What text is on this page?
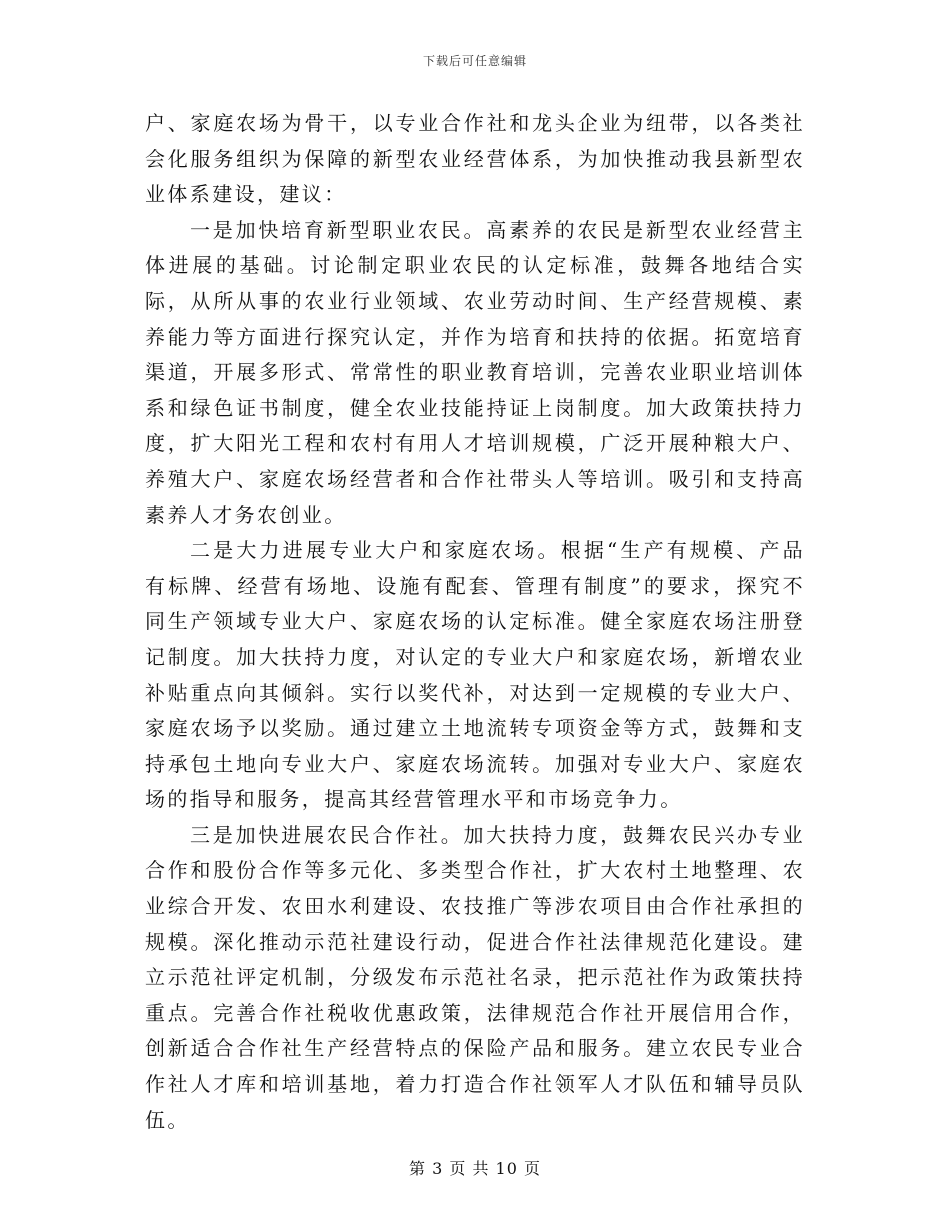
下载后可任意编辑

户、家庭农场为骨干，以专业合作社和龙头企业为纽带，以各类社会化服务组织为保障的新型农业经营体系，为加快推动我县新型农业体系建设，建议：

一是加快培育新型职业农民。高素养的农民是新型农业经营主体进展的基础。讨论制定职业农民的认定标准，鼓舞各地结合实际，从所从事的农业行业领域、农业劳动时间、生产经营规模、素养能力等方面进行探究认定，并作为培育和扶持的依据。拓宽培育渠道，开展多形式、常常性的职业教育培训，完善农业职业培训体系和绿色证书制度，健全农业技能持证上岗制度。加大政策扶持力度，扩大阳光工程和农村有用人才培训规模，广泛开展种粮大户、养殖大户、家庭农场经营者和合作社带头人等培训。吸引和支持高素养人才务农创业。

二是大力进展专业大户和家庭农场。根据“生产有规模、产品有标牌、经营有场地、设施有配套、管理有制度”的要求，探究不同生产领域专业大户、家庭农场的认定标准。健全家庭农场注册登记制度。加大扶持力度，对认定的专业大户和家庭农场，新增农业补贴重点向其倾斜。实行以奖代补，对达到一定规模的专业大户、家庭农场予以奖励。通过建立土地流转专项资金等方式，鼓舞和支持承包土地向专业大户、家庭农场流转。加强对专业大户、家庭农场的指导和服务，提高其经营管理水平和市场竞争力。

三是加快进展农民合作社。加大扶持力度，鼓舞农民兴办专业合作和股份合作等多元化、多类型合作社，扩大农村土地整理、农业综合开发、农田水利建设、农技推广等涉农项目由合作社承担的规模。深化推动示范社建设行动，促进合作社法律规范化建设。建立示范社评定机制，分级发布示范社名录，把示范社作为政策扶持重点。完善合作社税收优惠政策，法律规范合作社开展信用合作，创新适合合作社生产经营特点的保险产品和服务。建立农民专业合作社人才库和培训基地，着力打造合作社领军人才队伍和辅导员队伍。

第 3 页 共 10 页
